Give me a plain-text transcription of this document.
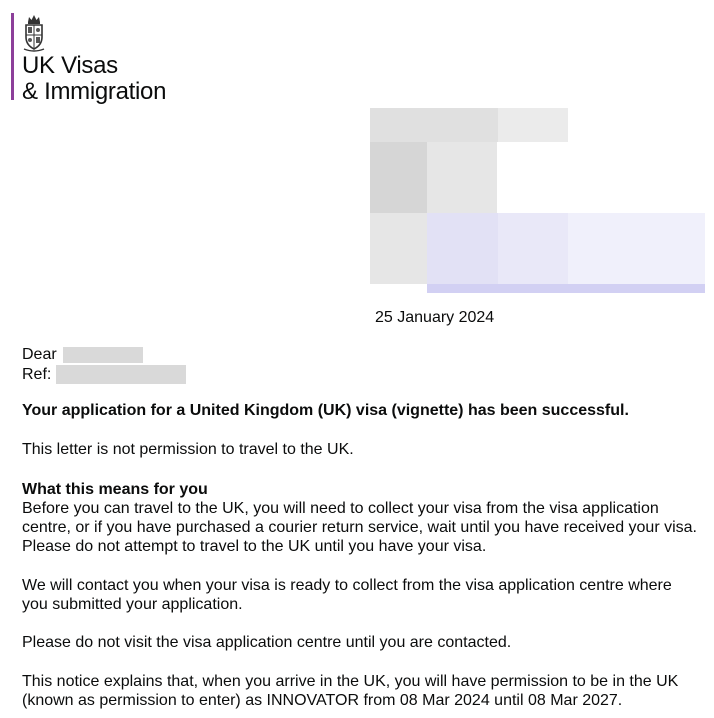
UK Visas
& Immigration
25 January 2024
Dear
Ref:

Your application for a United Kingdom (UK) visa (vignette) has been successful.

This letter is not permission to travel to the UK.

What this means for you

Before you can travel to the UK, you will need to collect your visa from the visa application centre, or if you have purchased a courier return service, wait until you have received your visa. Please do not attempt to travel to the UK until you have your visa.

We will contact you when your visa is ready to collect from the visa application centre where you submitted your application.

Please do not visit the visa application centre until you are contacted.

This notice explains that, when you arrive in the UK, you will have permission to be in the UK (known as permission to enter) as INNOVATOR from 08 Mar 2024 until 08 Mar 2027.
